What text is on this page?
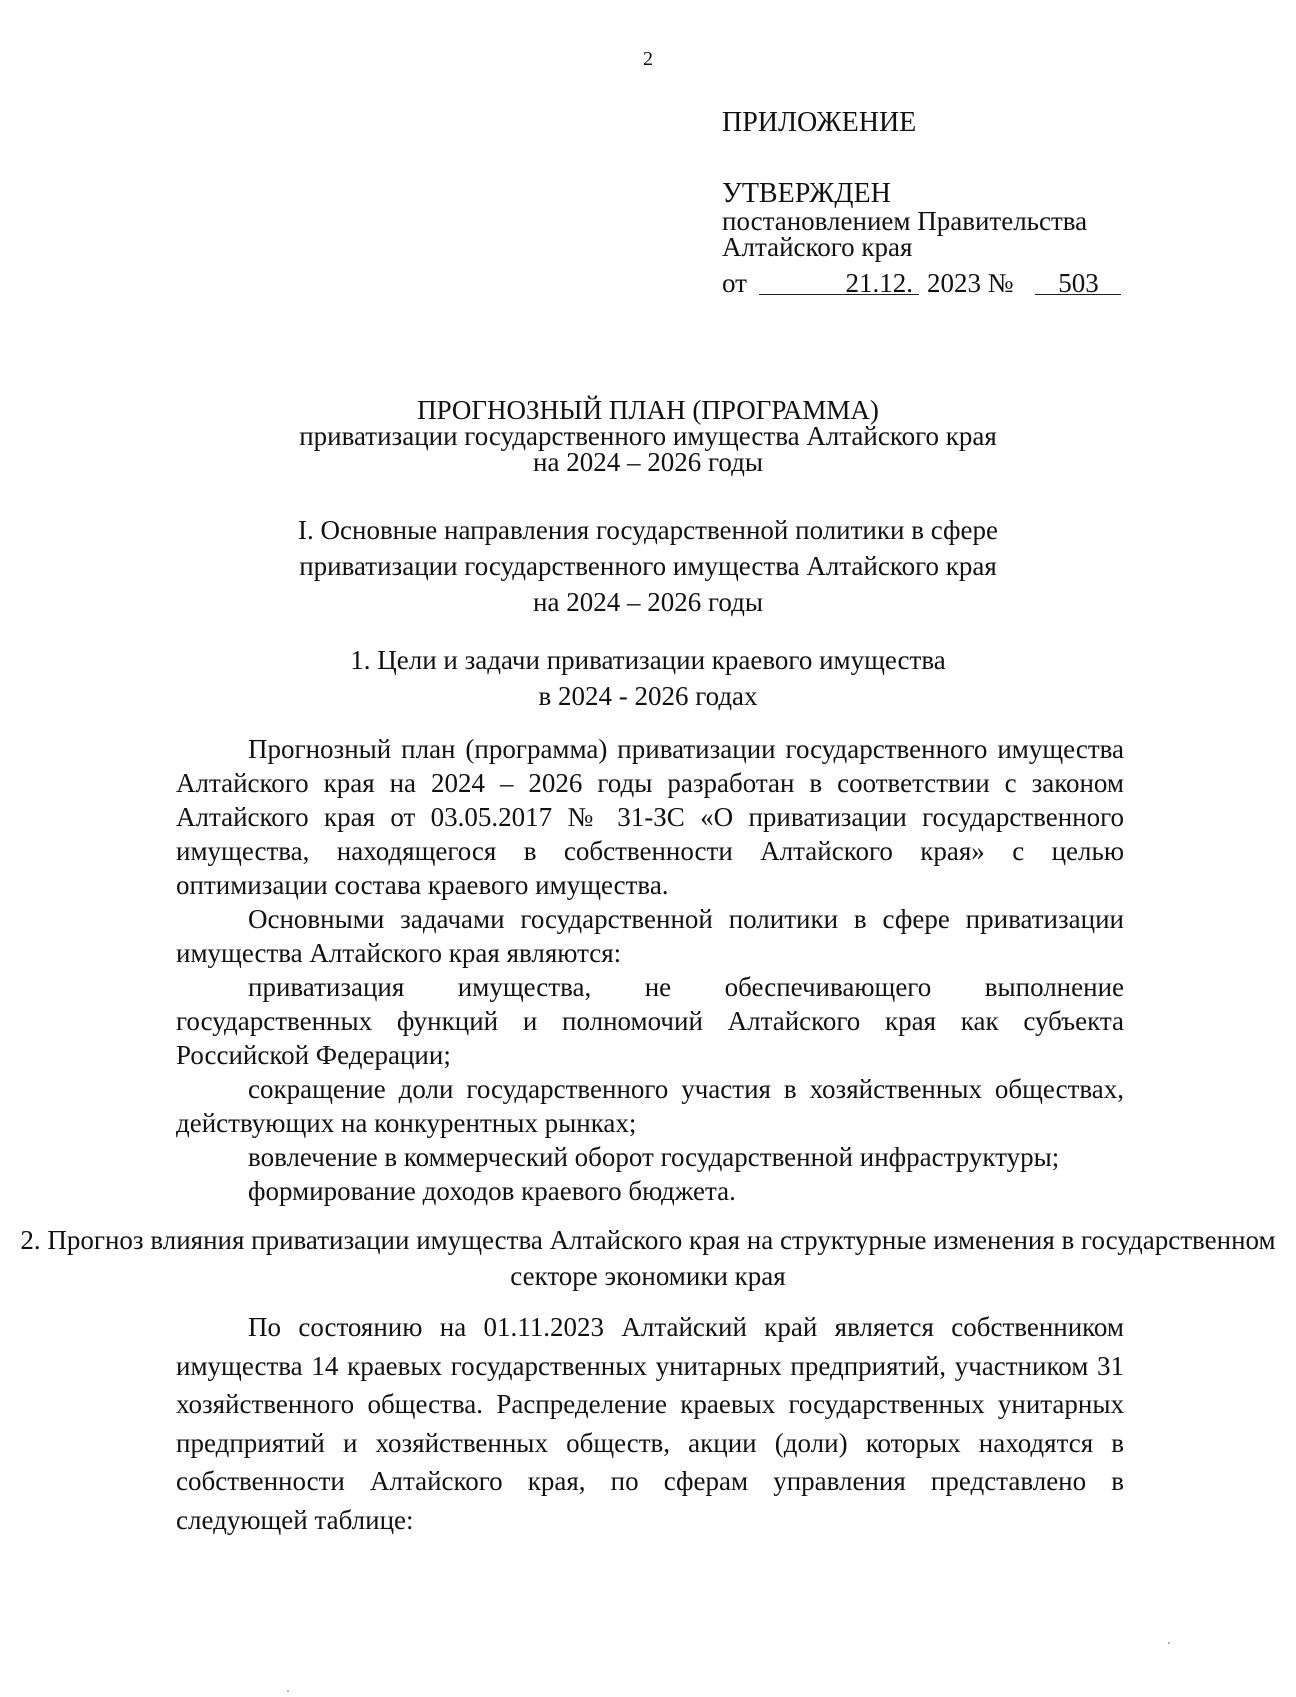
2
ПРИЛОЖЕНИЕ
УТВЕРЖДЕН
постановлением Правительства
Алтайского края
от	21.12. 2023 № 503
ПРОГНОЗНЫЙ ПЛАН (ПРОГРАММА)
приватизации государственного имущества Алтайского края
на 2024 – 2026 годы
I. Основные направления государственной политики в сфере
приватизации государственного имущества Алтайского края
на 2024 – 2026 годы
1. Цели и задачи приватизации краевого имущества
в 2024 - 2026 годах

Прогнозный план (программа) приватизации государственного имущества Алтайского края на 2024 – 2026 годы разработан в соответствии с законом Алтайского края от 03.05.2017 № 31-ЗС «О приватизации государственного имущества, находящегося в собственности Алтайского края» с целью оптимизации состава краевого имущества.

Основными задачами государственной политики в сфере приватизации имущества Алтайского края являются:

приватизация имущества, не обеспечивающего выполнение государственных функций и полномочий Алтайского края как субъекта Российской Федерации;

сокращение доли государственного участия в хозяйственных обществах, действующих на конкурентных рынках;

вовлечение в коммерческий оборот государственной инфраструктуры;

формирование доходов краевого бюджета.

2. Прогноз влияния приватизации имущества Алтайского края на структурные изменения в государственном секторе экономики края

По состоянию на 01.11.2023 Алтайский край является собственником имущества 14 краевых государственных унитарных предприятий, участником 31 хозяйственного общества. Распределение краевых государственных унитарных предприятий и хозяйственных обществ, акции (доли) которых находятся в собственности Алтайского края, по сферам управления представлено в следующей таблице:
